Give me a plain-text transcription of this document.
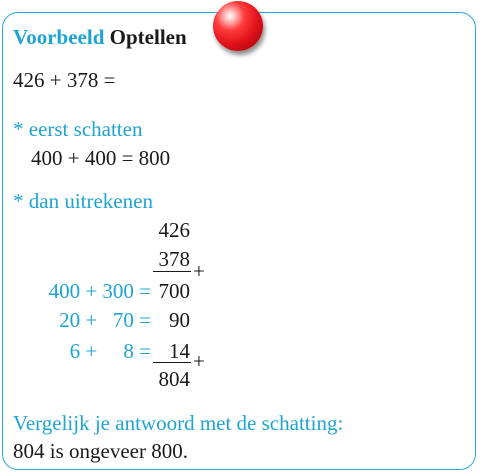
Voorbeeld Optellen
426 + 378 =
* eerst schatten
400 + 400 = 800
* dan uitrekenen
426
378 +
400 + 300 = 700
20 +   70 = 90
6 +     8 = 14 +
804
Vergelijk je antwoord met de schatting:
804 is ongeveer 800.
